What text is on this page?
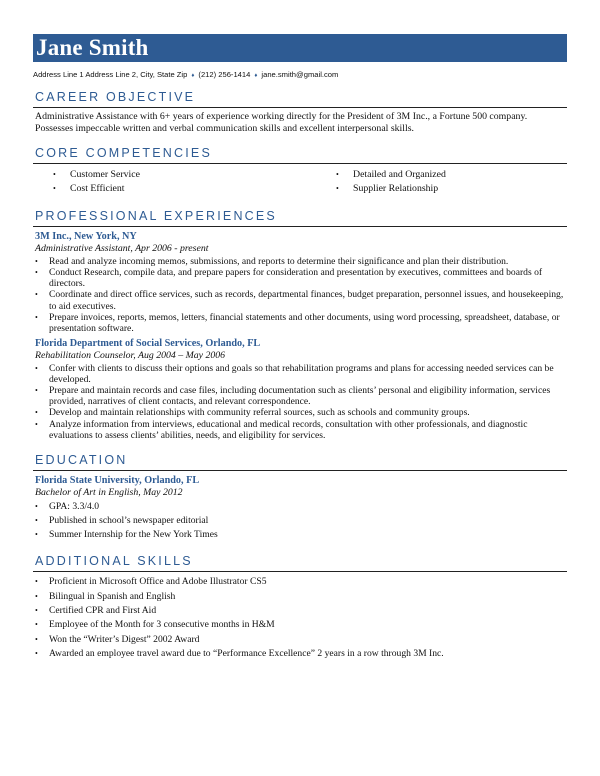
Jane Smith
Address Line 1 Address Line 2, City, State Zip ♦ (212) 256-1414 ♦ jane.smith@gmail.com
CAREER OBJECTIVE
Administrative Assistance with 6+ years of experience working directly for the President of 3M Inc., a Fortune 500 company. Possesses impeccable written and verbal communication skills and excellent interpersonal skills.
CORE COMPETENCIES
• Customer Service
• Cost Efficient
• Detailed and Organized
• Supplier Relationship
PROFESSIONAL EXPERIENCES
3M Inc., New York, NY
Administrative Assistant, Apr 2006 - present
• Read and analyze incoming memos, submissions, and reports to determine their significance and plan their distribution.
• Conduct Research, compile data, and prepare papers for consideration and presentation by executives, committees and boards of directors.
• Coordinate and direct office services, such as records, departmental finances, budget preparation, personnel issues, and housekeeping, to aid executives.
• Prepare invoices, reports, memos, letters, financial statements and other documents, using word processing, spreadsheet, database, or presentation software.
Florida Department of Social Services, Orlando, FL
Rehabilitation Counselor, Aug 2004 – May 2006
• Confer with clients to discuss their options and goals so that rehabilitation programs and plans for accessing needed services can be developed.
• Prepare and maintain records and case files, including documentation such as clients’ personal and eligibility information, services provided, narratives of client contacts, and relevant correspondence.
• Develop and maintain relationships with community referral sources, such as schools and community groups.
• Analyze information from interviews, educational and medical records, consultation with other professionals, and diagnostic evaluations to assess clients’ abilities, needs, and eligibility for services.
EDUCATION
Florida State University, Orlando, FL
Bachelor of Art in English, May 2012
• GPA: 3.3/4.0
• Published in school’s newspaper editorial
• Summer Internship for the New York Times
ADDITIONAL SKILLS
• Proficient in Microsoft Office and Adobe Illustrator CS5
• Bilingual in Spanish and English
• Certified CPR and First Aid
• Employee of the Month for 3 consecutive months in H&M
• Won the “Writer’s Digest” 2002 Award
• Awarded an employee travel award due to “Performance Excellence” 2 years in a row through 3M Inc.
